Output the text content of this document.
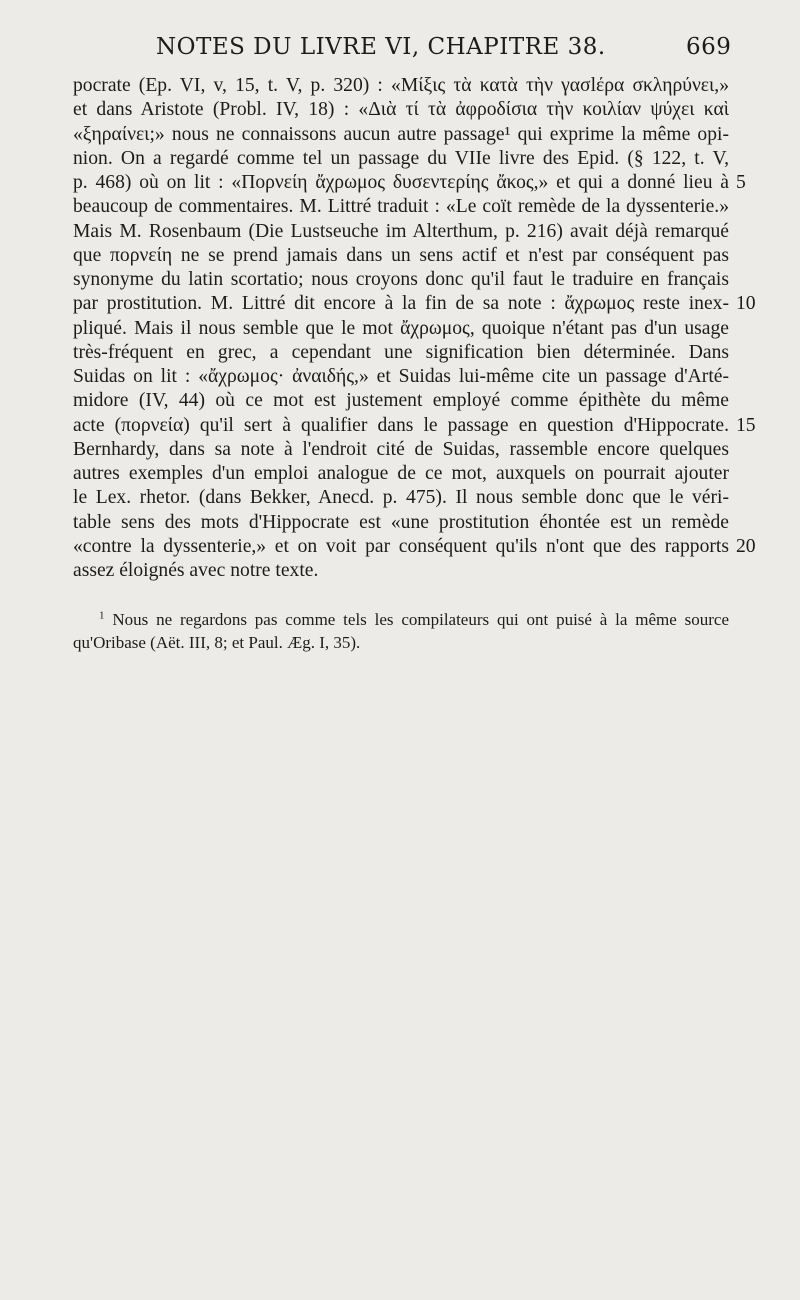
NOTES DU LIVRE VI, CHAPITRE 38.	669
pocrate (Ep. VI, v, 15, t. V, p. 320) : «Μίξις τὰ κατὰ τὴν γασlέρα σκληρύνει,»
et dans Aristote (Probl. IV, 18) : «Διὰ τί τὰ ἀφροδίσια τὴν κοιλίαν ψύχει καὶ
«ξηραίνει;» nous ne connaissons aucun autre passage¹ qui exprime la même opi-
nion. On a regardé comme tel un passage du VIIe livre des Epid. (§ 122, t. V,
p. 468) où on lit : «Πορνείη ἄχρωμος δυσεντερίης ἄκος,» et qui a donné lieu à
beaucoup de commentaires. M. Littré traduit : «Le coït remède de la dyssenterie.»
Mais M. Rosenbaum (Die Lustseuche im Alterthum, p. 216) avait déjà remarqué
que πορνείη ne se prend jamais dans un sens actif et n'est par conséquent pas
synonyme du latin scortatio; nous croyons donc qu'il faut le traduire en français
par prostitution. M. Littré dit encore à la fin de sa note : ἄχρωμος reste inex-
pliqué. Mais il nous semble que le mot ἄχρωμος, quoique n'étant pas d'un usage
très-fréquent en grec, a cependant une signification bien déterminée. Dans
Suidas on lit : «ἄχρωμος· ἀναιδής,» et Suidas lui-même cite un passage d'Arté-
midore (IV, 44) où ce mot est justement employé comme épithète du même
acte (πορνεία) qu'il sert à qualifier dans le passage en question d'Hippocrate.
Bernhardy, dans sa note à l'endroit cité de Suidas, rassemble encore quelques
autres exemples d'un emploi analogue de ce mot, auxquels on pourrait ajouter
le Lex. rhetor. (dans Bekker, Anecd. p. 475). Il nous semble donc que le véri-
table sens des mots d'Hippocrate est «une prostitution éhontée est un remède
«contre la dyssenterie,» et on voit par conséquent qu'ils n'ont que des rapports
assez éloignés avec notre texte.
5
10
15
20
$^1$ Nous ne regardons pas comme tels les compilateurs qui ont puisé à la même source
qu'Oribase (Aët. III, 8; et Paul. Æg. I, 35).
